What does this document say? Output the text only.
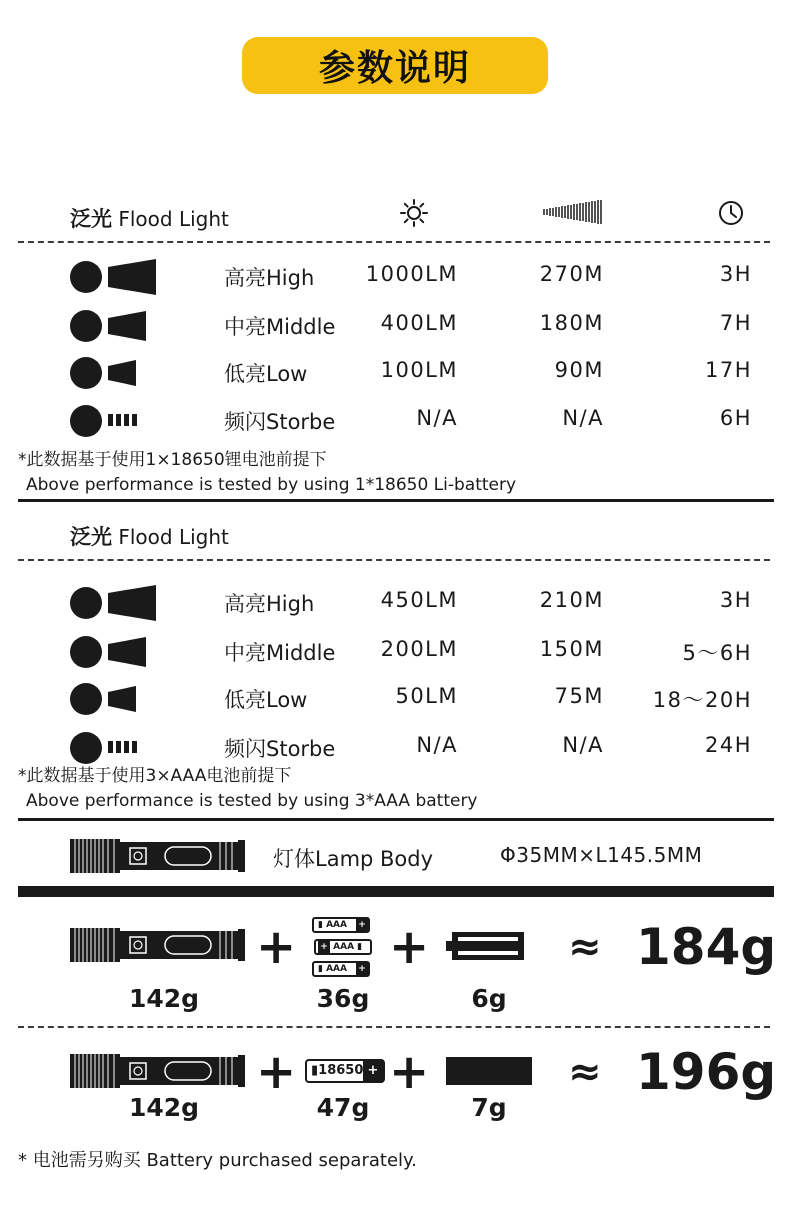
参数说明
泛光 Flood Light
高亮High 1000LM	270M	3H
中亮Middle 400LM	180M	7H
低亮Low	100LM	90M	17H
频闪Storbe	N/A	N/A	6H
*此数据基于使用1×18650锂电池前提下
Above performance is tested by using 1*18650 Li-battery
泛光 Flood Light
高亮High	450LM	210M	3H
中亮Middle 200LM	150M	5～6H
低亮Low	50LM	75M 18～20H
频闪Storbe	N/A	N/A	24H
*此数据基于使用3×AAA电池前提下
Above performance is tested by using 3*AAA battery
灯体Lamp Body	Φ35MM×L145.5MM
+	▮ AAA +
+ AAA ▮
▮ AAA + +	≈ 184g
142g	36g	6g
+	▮18650 + +	≈ 196g
142g	47g	7g
* 电池需另购买 Battery purchased separately.
